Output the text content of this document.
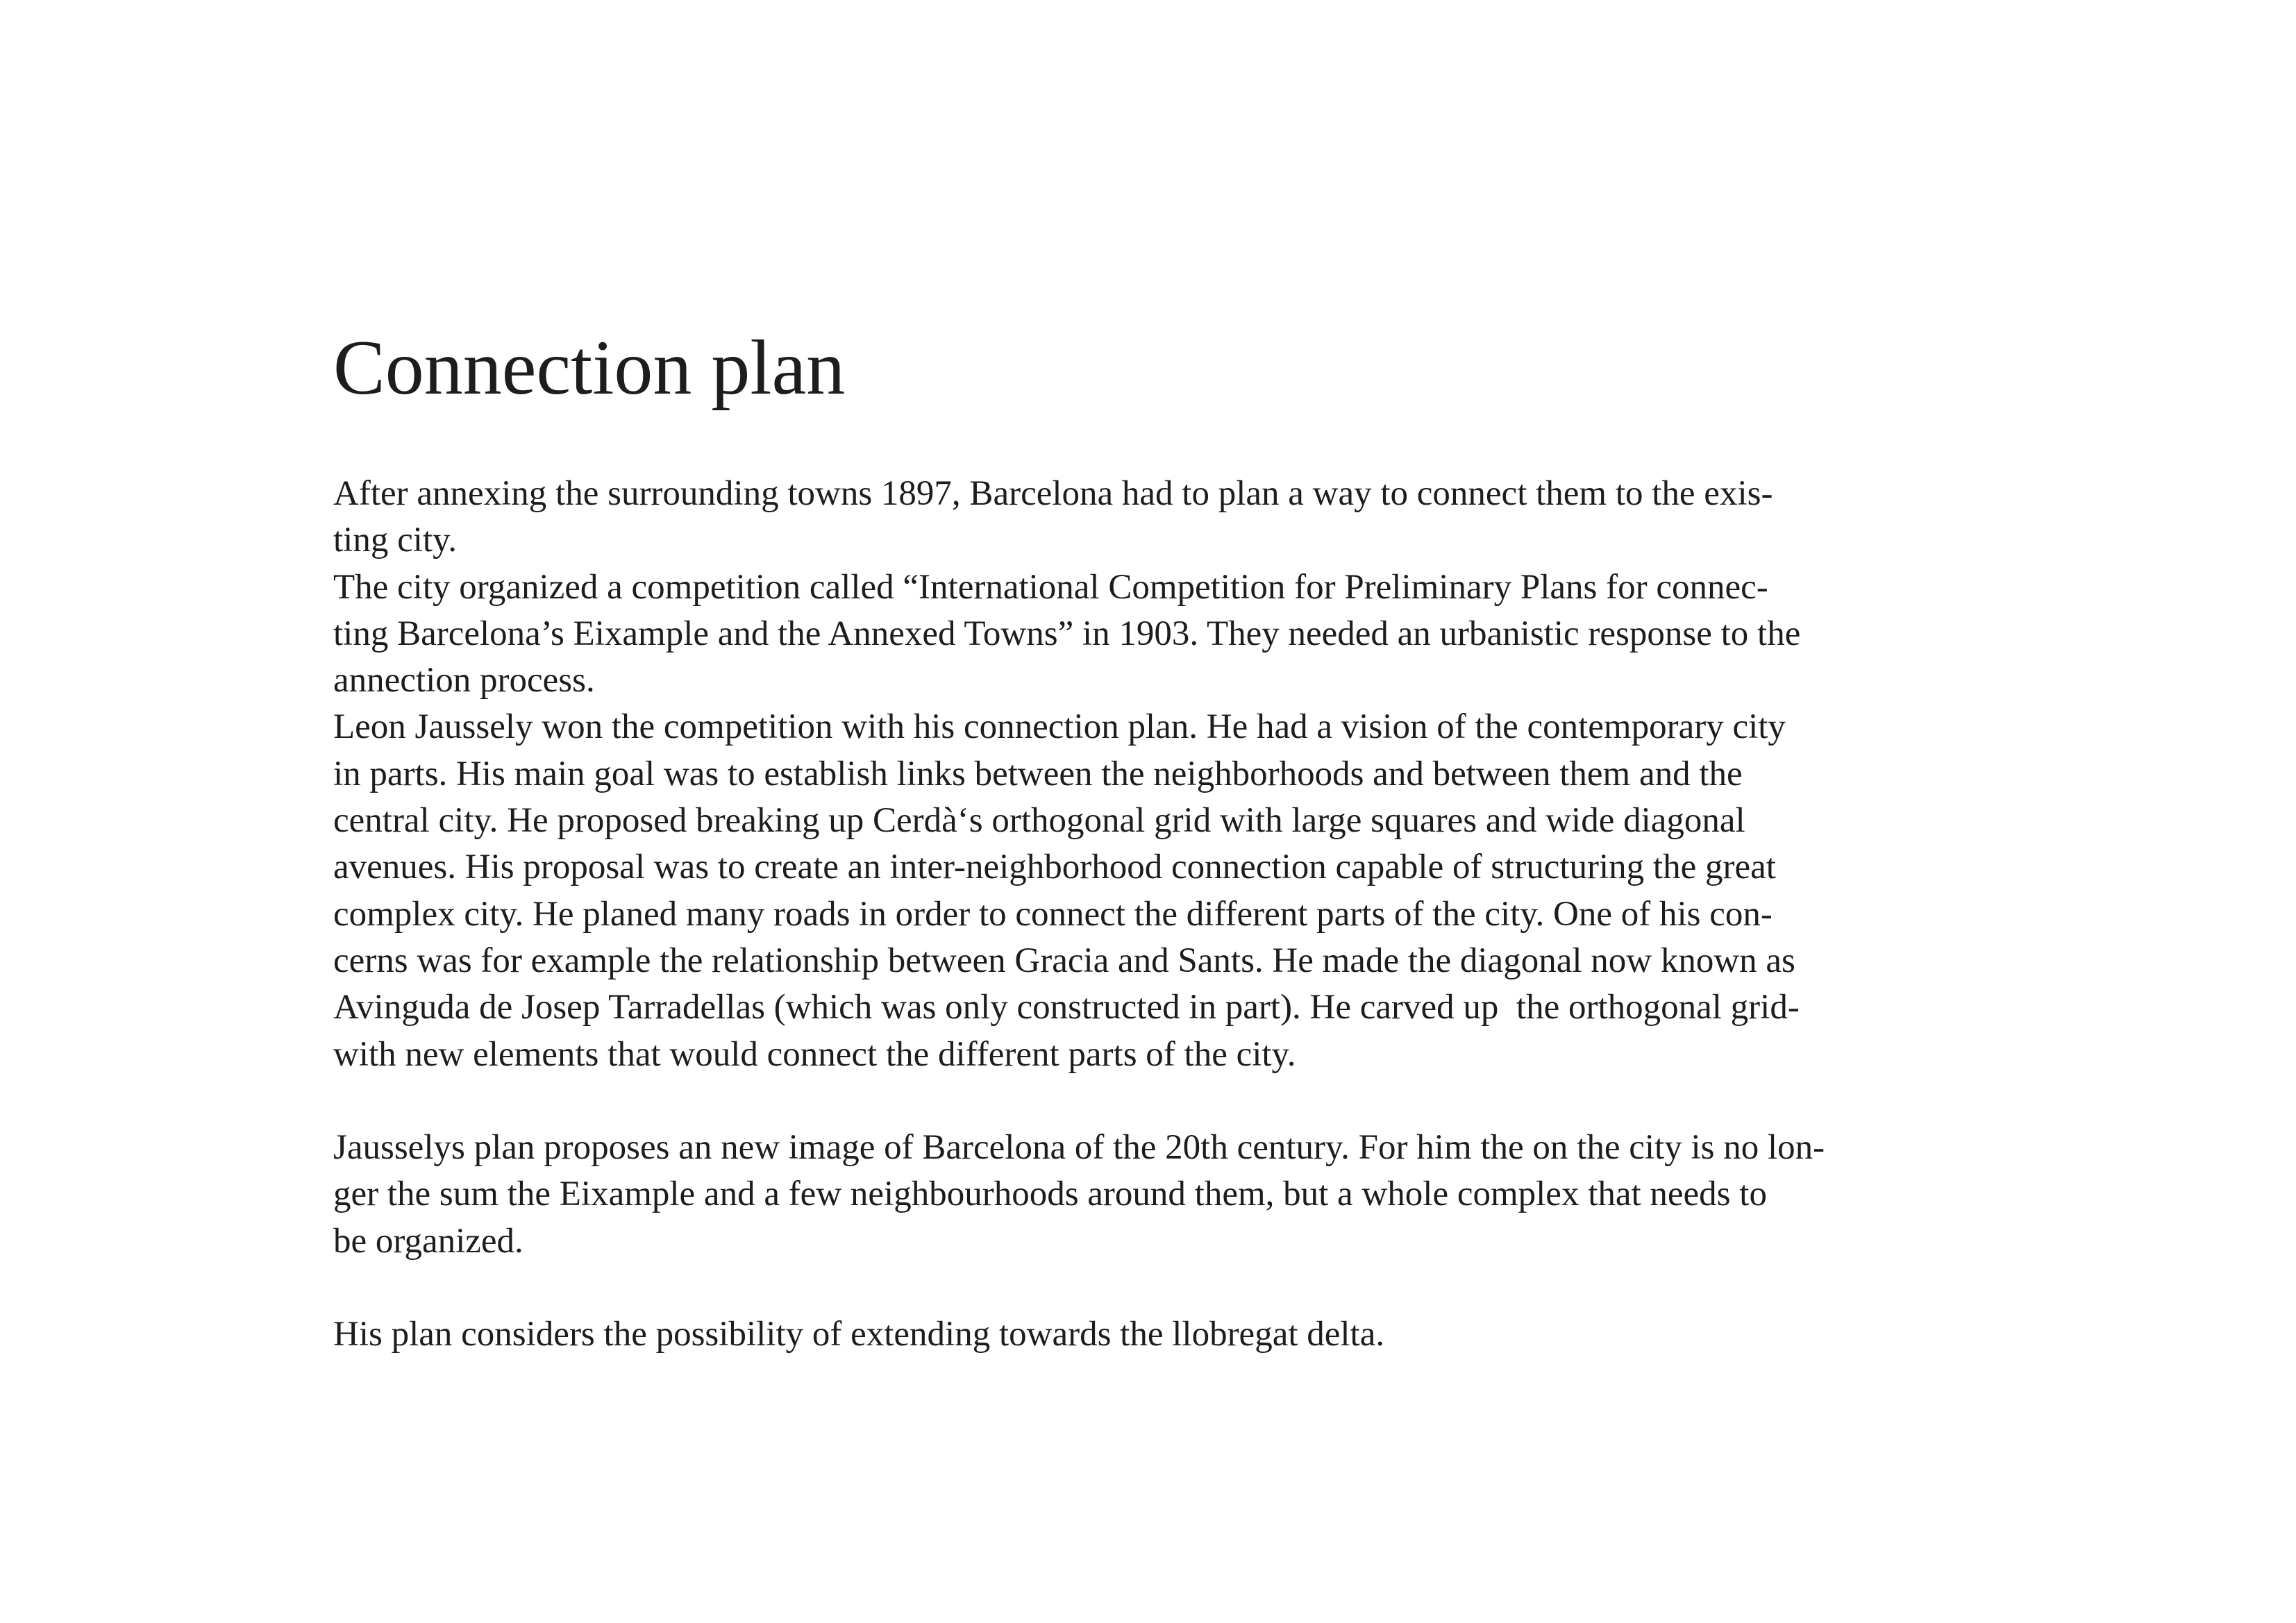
Connection plan
After annexing the surrounding towns 1897, Barcelona had to plan a way to connect them to the exis-
ting city.
The city organized a competition called “International Competition for Preliminary Plans for connec-
ting Barcelona’s Eixample and the Annexed Towns” in 1903. They needed an urbanistic response to the
annection process.
Leon Jaussely won the competition with his connection plan. He had a vision of the contemporary city
in parts. His main goal was to establish links between the neighborhoods and between them and the
central city. He proposed breaking up Cerdà‘s orthogonal grid with large squares and wide diagonal
avenues. His proposal was to create an inter-neighborhood connection capable of structuring the great
complex city. He planed many roads in order to connect the different parts of the city. One of his con-
cerns was for example the relationship between Gracia and Sants. He made the diagonal now known as
Avinguda de Josep Tarradellas (which was only constructed in part). He carved up  the orthogonal grid-
with new elements that would connect the different parts of the city.
Jausselys plan proposes an new image of Barcelona of the 20th century. For him the on the city is no lon-
ger the sum the Eixample and a few neighbourhoods around them, but a whole complex that needs to
be organized.
His plan considers the possibility of extending towards the llobregat delta.
